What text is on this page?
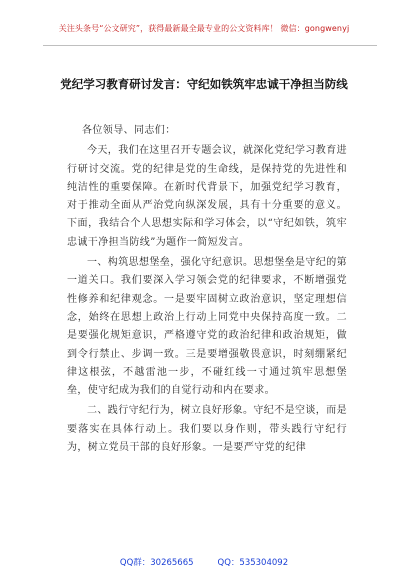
关注头条号“公文研究”，获得最新最全最专业的公文资料库！ 微信：gongwenyj
党纪学习教育研讨发言：守纪如铁筑牢忠诚干净担当防线

各位领导、同志们：

今天，我们在这里召开专题会议，就深化党纪学习教育进行研讨交流。党的纪律是党的生命线，是保持党的先进性和纯洁性的重要保障。在新时代背景下，加强党纪学习教育，对于推动全面从严治党向纵深发展，具有十分重要的意义。下面，我结合个人思想实际和学习体会，以“守纪如铁，筑牢忠诚干净担当防线”为题作一简短发言。

一、构筑思想堡垒，强化守纪意识。思想堡垒是守纪的第一道关口。我们要深入学习领会党的纪律要求，不断增强党性修养和纪律观念。一是要牢固树立政治意识，坚定理想信念，始终在思想上政治上行动上同党中央保持高度一致。二是要强化规矩意识，严格遵守党的政治纪律和政治规矩，做到令行禁止、步调一致。三是要增强敬畏意识，时刻绷紧纪律这根弦，不越雷池一步，不碰红线一寸通过筑牢思想堡垒，使守纪成为我们的自觉行动和内在要求。

二、践行守纪行为，树立良好形象。守纪不是空谈，而是要落实在具体行动上。我们要以身作则，带头践行守纪行为，树立党员干部的良好形象。一是要严守党的纪律

QQ群：30265665	QQ：535304092
